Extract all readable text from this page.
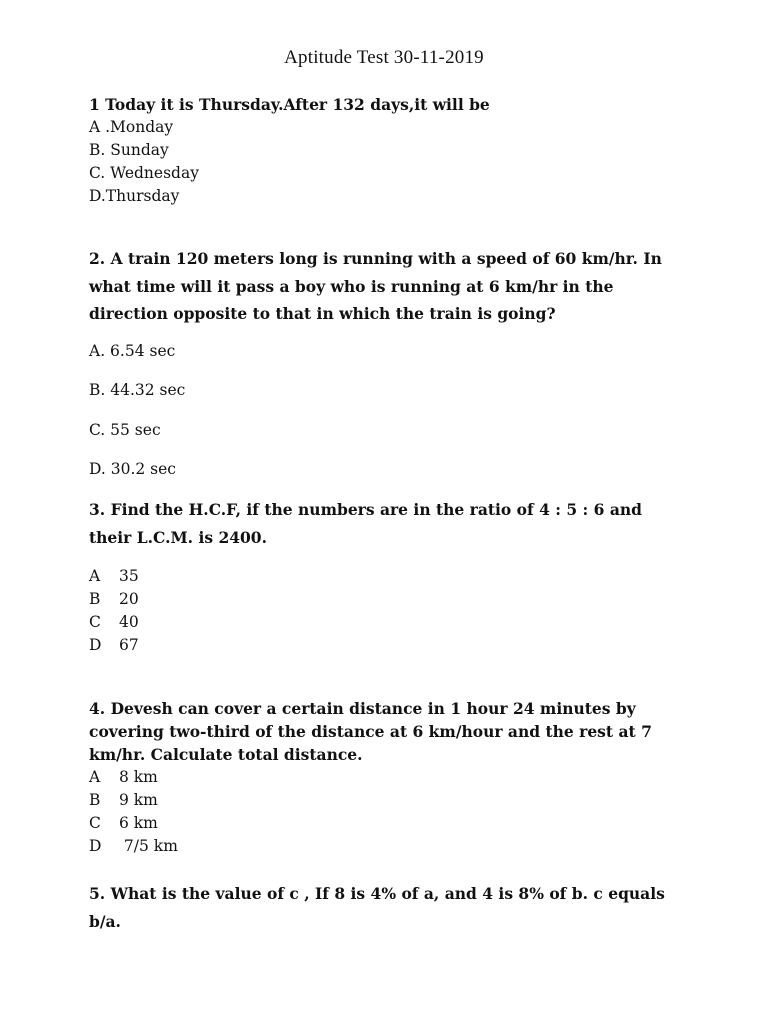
Aptitude Test 30-11-2019
1 Today it is Thursday.After 132 days,it will be
A .Monday
B. Sunday
C. Wednesday
D.Thursday
2. A train 120 meters long is running with a speed of 60 km/hr. In
what time will it pass a boy who is running at 6 km/hr in the
direction opposite to that in which the train is going?
A. 6.54 sec
B. 44.32 sec
C. 55 sec
D. 30.2 sec
3. Find the H.C.F, if the numbers are in the ratio of 4 : 5 : 6 and
their L.C.M. is 2400.
A 35
B 20
C 40
D 67
4. Devesh can cover a certain distance in 1 hour 24 minutes by
covering two-third of the distance at 6 km/hour and the rest at 7
km/hr. Calculate total distance.
A 8 km
B 9 km
C 6 km
D 7/5 km
5. What is the value of c , If 8 is 4% of a, and 4 is 8% of b. c equals
b/a.
